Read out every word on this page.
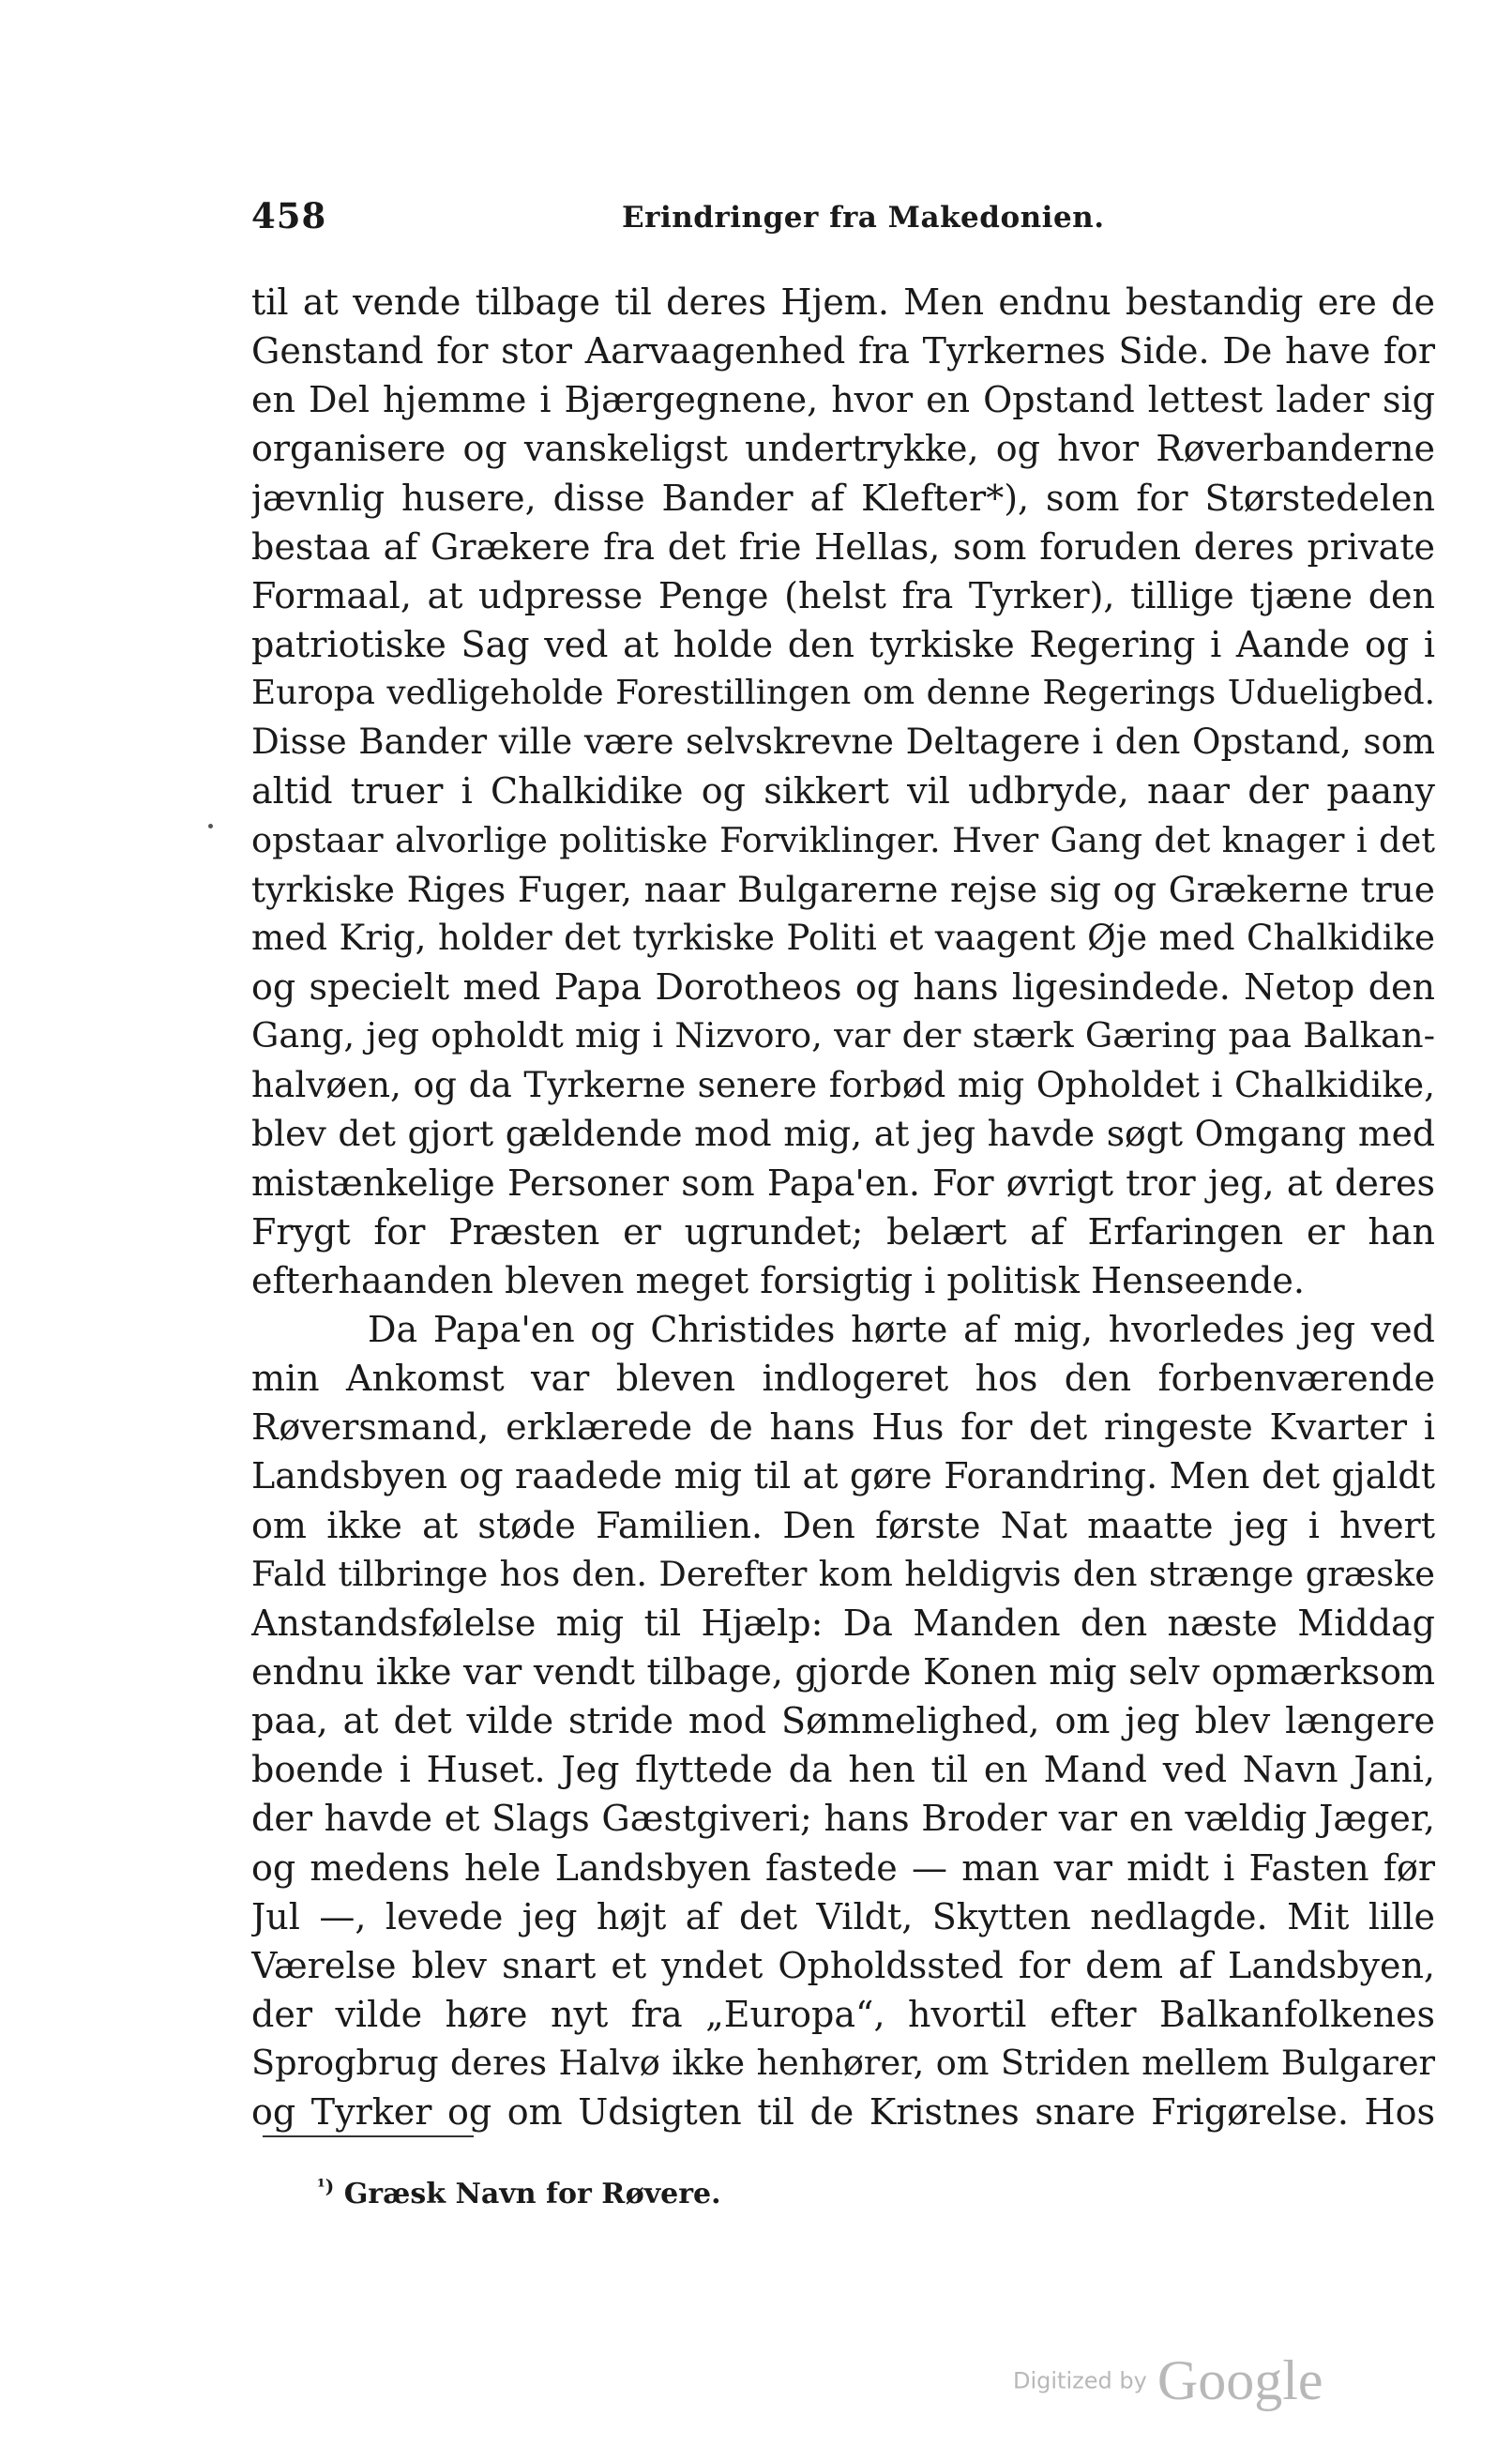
458	Erindringer fra Makedonien.
til at vende tilbage til deres Hjem. Men endnu bestandig ere de
Genstand for stor Aarvaagenhed fra Tyrkernes Side. De have for
en Del hjemme i Bjærgegnene, hvor en Opstand lettest lader sig
organisere og vanskeligst undertrykke, og hvor Røverbanderne
jævnlig husere, disse Bander af Klefter*), som for Størstedelen
bestaa af Grækere fra det frie Hellas, som foruden deres private
Formaal, at udpresse Penge (helst fra Tyrker), tillige tjæne den
patriotiske Sag ved at holde den tyrkiske Regering i Aande og i
Europa vedligeholde Forestillingen om denne Regerings Udueligbed.
Disse Bander ville være selvskrevne Deltagere i den Opstand, som
altid truer i Chalkidike og sikkert vil udbryde, naar der paany
opstaar alvorlige politiske Forviklinger. Hver Gang det knager i det
tyrkiske Riges Fuger, naar Bulgarerne rejse sig og Grækerne true
med Krig, holder det tyrkiske Politi et vaagent Øje med Chalkidike
og specielt med Papa Dorotheos og hans ligesindede. Netop den
Gang, jeg opholdt mig i Nizvoro, var der stærk Gæring paa Balkan-
halvøen, og da Tyrkerne senere forbød mig Opholdet i Chalkidike,
blev det gjort gældende mod mig, at jeg havde søgt Omgang med
mistænkelige Personer som Papa'en. For øvrigt tror jeg, at deres
Frygt for Præsten er ugrundet; belært af Erfaringen er han
efterhaanden bleven meget forsigtig i politisk Henseende.
Da Papa'en og Christides hørte af mig, hvorledes jeg ved
min Ankomst var bleven indlogeret hos den forbenværende
Røversmand, erklærede de hans Hus for det ringeste Kvarter i
Landsbyen og raadede mig til at gøre Forandring. Men det gjaldt
om ikke at støde Familien. Den første Nat maatte jeg i hvert
Fald tilbringe hos den. Derefter kom heldigvis den strænge græske
Anstandsfølelse mig til Hjælp: Da Manden den næste Middag
endnu ikke var vendt tilbage, gjorde Konen mig selv opmærksom
paa, at det vilde stride mod Sømmelighed, om jeg blev længere
boende i Huset. Jeg flyttede da hen til en Mand ved Navn Jani,
der havde et Slags Gæstgiveri; hans Broder var en vældig Jæger,
og medens hele Landsbyen fastede — man var midt i Fasten før
Jul —, levede jeg højt af det Vildt, Skytten nedlagde. Mit lille
Værelse blev snart et yndet Opholdssted for dem af Landsbyen,
der vilde høre nyt fra „Europa“, hvortil efter Balkanfolkenes
Sprogbrug deres Halvø ikke henhører, om Striden mellem Bulgarer
og Tyrker og om Udsigten til de Kristnes snare Frigørelse. Hos
$^{^1)}$ Græsk Navn for Røvere.
Digitized by Google
